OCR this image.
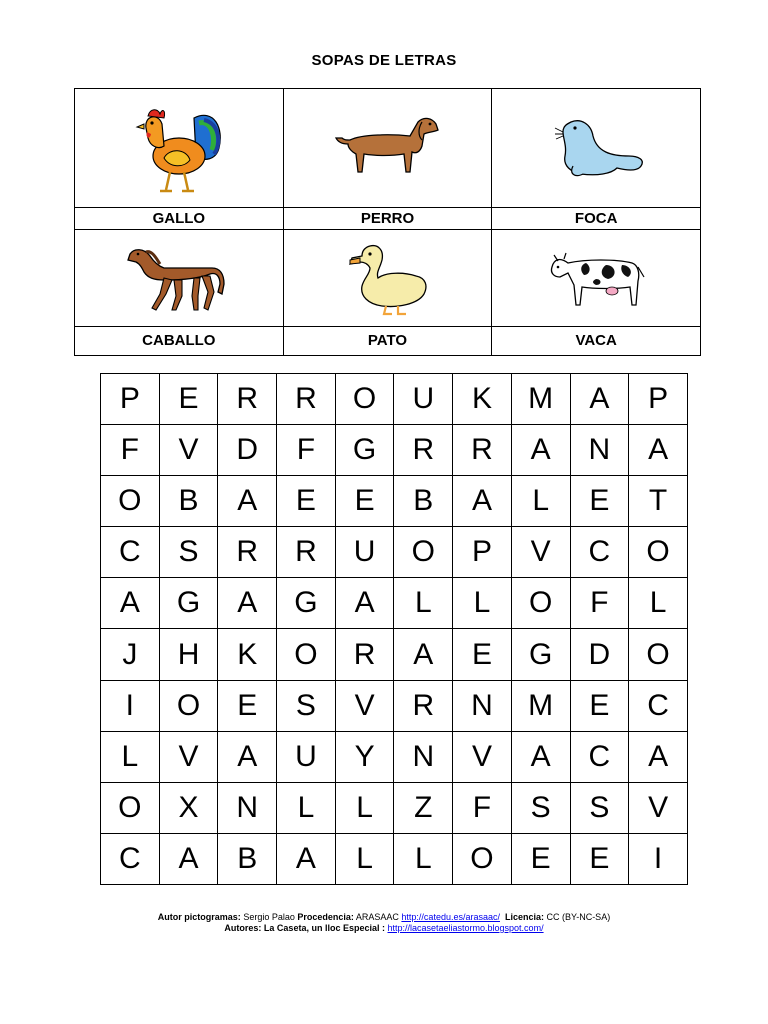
SOPAS DE LETRAS

GALLO	PERRO	FOCA

CABALLO	PATO	VACA
P	E	R	R	O	U	K	M	A	P
F	V	D	F	G	R	R	A	N	A
O	B	A	E	E	B	A	L	E	T
C	S	R	R	U	O	P	V	C	O
A	G	A	G	A	L	L	O	F	L
J	H	K	O	R	A	E	G	D	O
I	O	E	S	V	R	N	M	E	C
L	V	A	U	Y	N	V	A	C	A
O	X	N	L	L	Z	F	S	S	V
C	A	B	A	L	L	O	E	E	I
Autor pictogramas: Sergio Palao Procedencia: ARASAAC http://catedu.es/arasaac/ Licencia: CC (BY-NC-SA)
Autores: La Caseta, un lloc Especial : http://lacasetaeliastormo.blogspot.com/
